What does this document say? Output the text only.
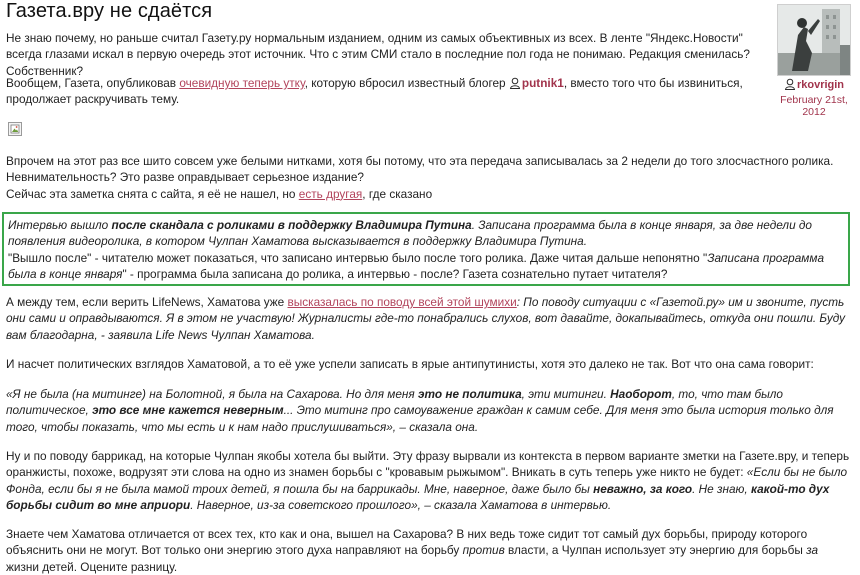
Газета.вру не сдаётся
rkovrigin
February 21st, 2012

Не знаю почему, но раньше считал Газету.ру нормальным изданием, одним из самых объективных из всех. В ленте "Яндекс.Новости" всегда глазами искал в первую очередь этот источник. Что с этим СМИ стало в последние пол года не понимаю. Редакция сменилась? Собственник?

Вообщем, Газета, опубликовав очевидную теперь утку, которую вбросил известный блогер putnik1, вместо того что бы извиниться, продолжает раскручивать тему.

Впрочем на этот раз все шито совсем уже белыми нитками, хотя бы потому, что эта передача записывалась за 2 недели до того злосчастного ролика. Невнимательность? Это разве оправдывает серьезное издание?

Сейчас эта заметка снята с сайта, я её не нашел, но есть другая, где сказано

Интервью вышло после скандала с роликами в поддержку Владимира Путина. Записана программа была в конце января, за две недели до появления видеоролика, в котором Чулпан Хаматова высказывается в поддержку Владимира Путина.

"Вышло после" - читателю может показаться, что записано интервью было после того ролика. Даже читая дальше непонятно "Записана программа была в конце января" - программа была записана до ролика, а интервью - после? Газета сознательно путает читателя?

А между тем, если верить LifeNews, Хаматова уже высказалась по поводу всей этой шумихи: По поводу ситуации с «Газетой.ру» им и звоните, пусть они сами и оправдываются. Я в этом не участвую! Журналисты где-то понабрались слухов, вот давайте, докапывайтесь, откуда они пошли. Буду вам благодарна, - заявила Life News Чулпан Хаматова.

И насчет политических взглядов Хаматовой, а то её уже успели записать в ярые антипутинисты, хотя это далеко не так. Вот что она сама говорит:

«Я не была (на митинге) на Болотной, я была на Сахарова. Но для меня это не политика, эти митинги. Наоборот, то, что там было политическое, это все мне кажется неверным... Это митинг про самоуважение граждан к самим себе. Для меня это была история только для того, чтобы показать, что мы есть и к нам надо прислушиваться», – сказала она.

Ну и по поводу баррикад, на которые Чулпан якобы хотела бы выйти. Эту фразу вырвали из контекста в первом варианте зметки на Газете.вру, и теперь оранжисты, похоже, водрузят эти слова на одно из знамен борьбы с "кровавым рыжымом". Вникать в суть теперь уже никто не будет: «Если бы не было Фонда, если бы я не была мамой троих детей, я пошла бы на баррикады. Мне, наверное, даже было бы неважно, за кого. Не знаю, какой-то дух борьбы сидит во мне априори. Наверное, из-за советского прошлого», – сказала Хаматова в интервью.

Знаете чем Хаматова отличается от всех тех, кто как и она, вышел на Сахарова? В них ведь тоже сидит тот самый дух борьбы, природу которого объяснить они не могут. Вот только они энергию этого духа направляют на борьбу против власти, а Чулпан использует эту энергию для борьбы за жизни детей. Оцените разницу.
